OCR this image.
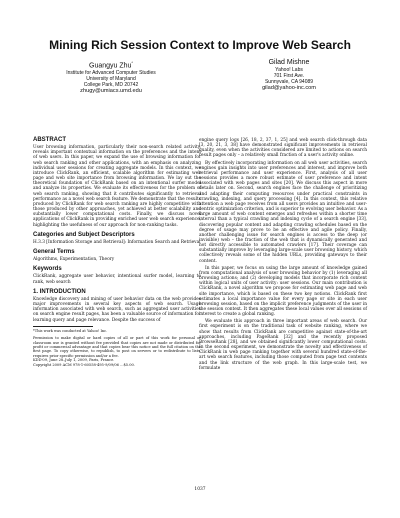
Mining Rich Session Context to Improve Web Search
Guangyu Zhu*
Institute for Advanced Computer Studies
University of Maryland
College Park, MD 20742
zhugy@umiacs.umd.edu
Gilad Mishne
Yahoo! Labs
701 First Ave.
Sunnyvale, CA 94089
gilad@yahoo-inc.com
ABSTRACT

User browsing information, particularly their non-search related activity, reveals important contextual information on the preferences and the intent of web users. In this paper, we expand the use of browsing information for web search ranking and other applications, with an emphasis on analyzing individual user sessions for creating aggregate models. In this context, we introduce ClickRank, an efficient, scalable algorithm for estimating web page and web site importance from browsing information. We lay out the theoretical foundation of ClickRank based on an intentional surfer model and analyze its properties. We evaluate its effectiveness for the problem of web search ranking, showing that it contributes significantly to retrieval performance as a novel web search feature. We demonstrate that the results produced by ClickRank for web search ranking are highly competitive with those produced by other approaches, yet achieved at better scalability and substantially lower computational costs. Finally, we discuss novel applications of ClickRank in providing enriched user web search experience, highlighting the usefulness of our approach for non-ranking tasks.

Categories and Subject Descriptors

H.3.3 [Information Storage and Retrieval]: Information Search and Retrieval

General Terms

Algorithms, Experimentation, Theory

Keywords

ClickRank, aggregate user behavior, intentional surfer model, learning to rank, web search

1. INTRODUCTION

Knowledge discovery and mining of user behavior data on the web provides major improvements in several key aspects of web search. Usage information associated with web search, such as aggregated user activities on search engine result pages, has been a valuable source of information for learning query and page relevance. Despite the success of

*This work was conducted at Yahoo! Inc.
Permission to make digital or hard copies of all or part of this work for personal or classroom use is granted without fee provided that copies are not made or distributed for profit or commercial advantage and that copies bear this notice and the full citation on the first page. To copy otherwise, to republish, to post on servers or to redistribute to lists, requires prior specific permission and/or a fee.
KDD'09, June 28–July 1, 2009, Paris, France.
Copyright 2009 ACM 978-1-60558-495-9/09/06 ...$5.00.

engine query logs [26, 18, 2, 37, 1, 25] and web search click-through data [3, 20, 21, 3, 38] have demonstrated significant improvements in retrieval quality, even when the activities considered are limited to actions on search result pages only – a relatively small fraction of a user's activity online.

By effectively incorporating information on all web user activities, search engines gain insights into user preferences and interest, and improve both retrieval performance and user experience. First, analysis of all user sessions provides a more robust estimate of user preference and intent associated with web pages and sites [20]. We discuss this aspect in more details later on. Second, search engines face the challenge of prioritizing and adapting their computing resources under practical constraints in crawling, indexing, and query processing [4]. In this context, this relative attention a web page receives from all users provides an intuitive and user-centric optimization criterion, and is superior to evolving user behavior. As a large amount of web content emerges and refreshes within a shorter time interval than a typical crawling and indexing cycle of a search engine [33], discovering popular content and adapting crawling schedules based on the degree of usage may prove to be an effective and agile policy. Finally, another challenging issue for search engines is access to the deep (or invisible) web – the fraction of the web that is dynamically generated and not directly accessible to automated crawlers [17]. Their coverage can substantially improve by leveraging large-scale user browsing history, which collectively reveals some of the hidden URLs, providing gateways to their content.

In this paper, we focus on using the large amount of knowledge gained from computational analysis of user browsing behavior by (1) leveraging all browsing actions; and (2) developing models that incorporate rich content within logical units of user activity: user sessions. Our main contribution is ClickRank, a novel algorithm we propose for estimating web page and web site importance, which is based on these two key notions. ClickRank first estimates a local importance value for every page or site in each user browsing session, based on the implicit preference judgments of the user in the session context. It then aggregates these local values over all sessions of interest to create a global ranking.

We evaluate this approach in three important areas of web search. Our first experiment is on the traditional task of website ranking, where we show that results from ClickRank are competitive against state-of-the-art approaches, including PageRank [32] and the recently proposed BrowseRank [28], and we obtained significantly lower computational costs. In the second experiment, we demonstrate the novelty and effectiveness of ClickRank in web page ranking together with several hundred state-of-the-art web search features, including those computed from page text contents and the link structure of the web graph. In this large-scale test, we formulate

1037
